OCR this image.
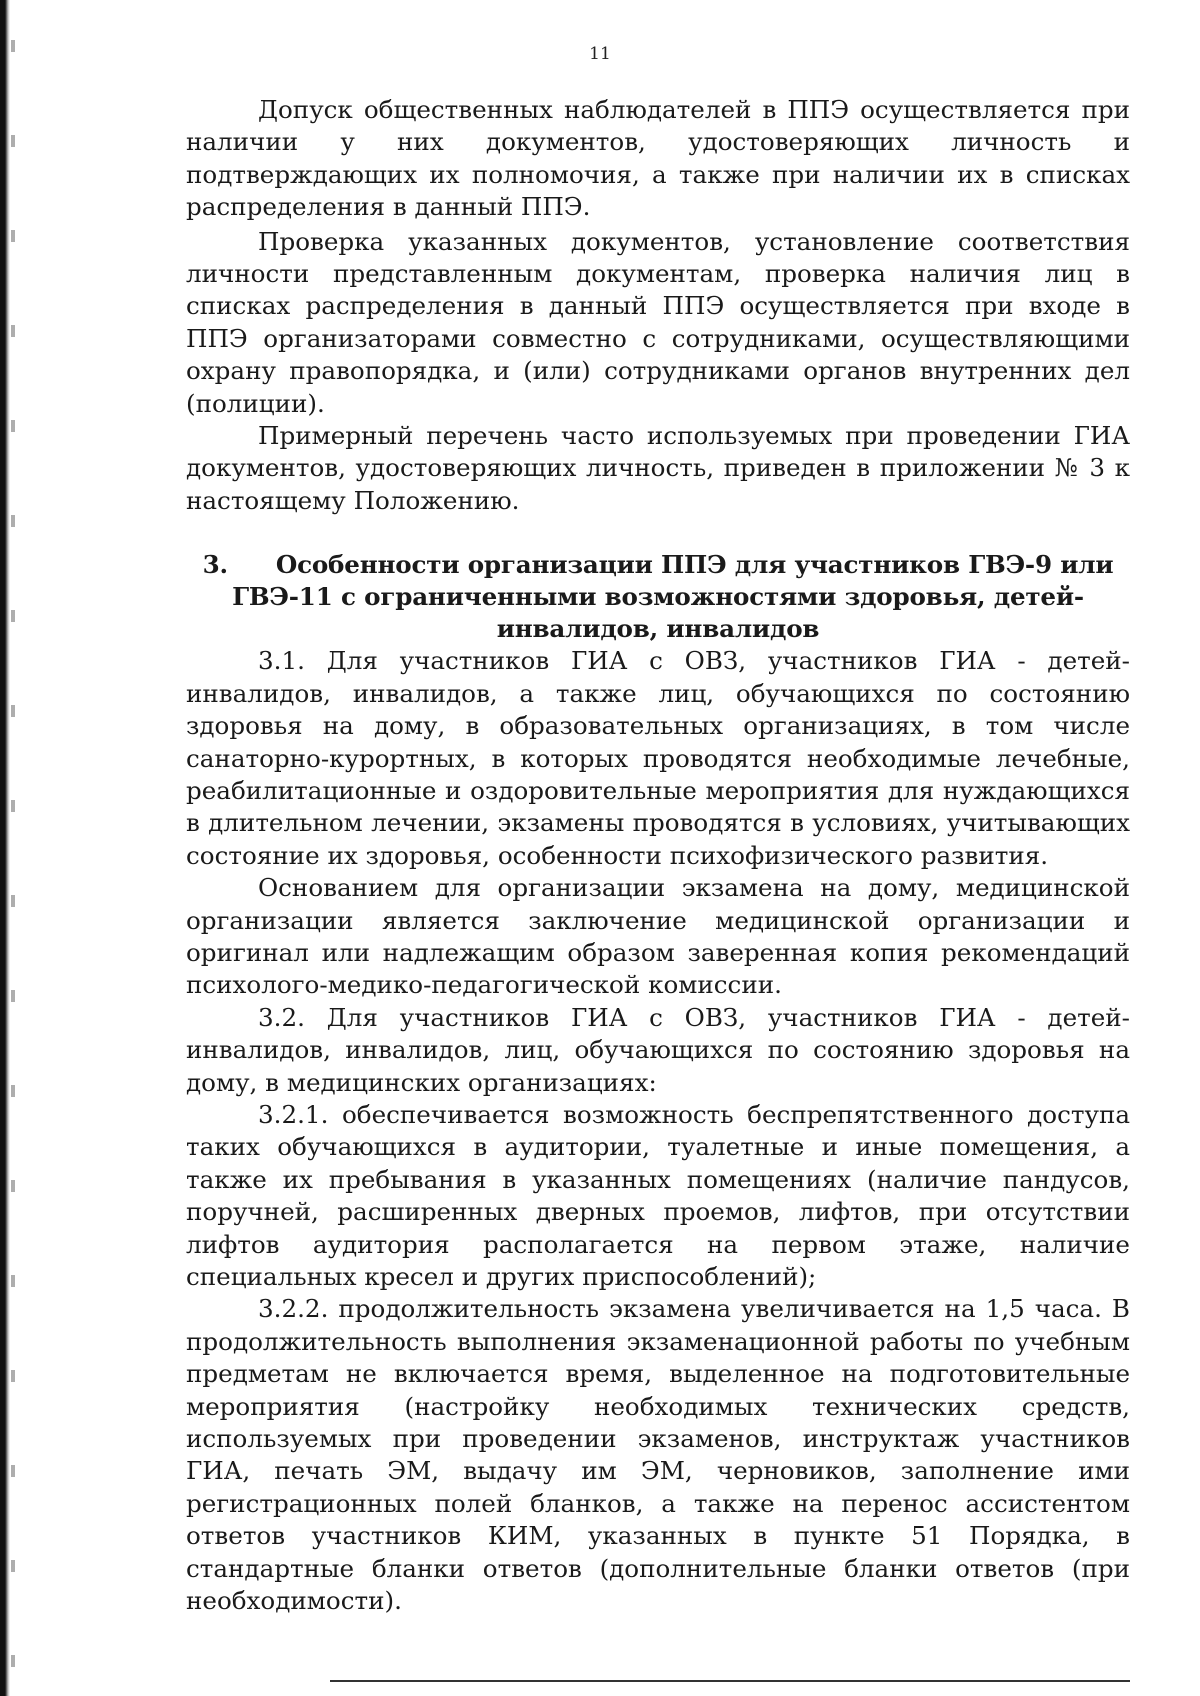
11

Допуск общественных наблюдателей в ППЭ осуществляется при наличии у них документов, удостоверяющих личность и подтверждающих их полномочия, а также при наличии их в списках распределения в данный ППЭ.

Проверка указанных документов, установление соответствия личности представленным документам, проверка наличия лиц в списках распределения в данный ППЭ осуществляется при входе в ППЭ организаторами совместно с сотрудниками, осуществляющими охрану правопорядка, и (или) сотрудниками органов внутренних дел (полиции).

Примерный перечень часто используемых при проведении ГИА документов, удостоверяющих личность, приведен в приложении № 3 к настоящему Положению.

3. Особенности организации ППЭ для участников ГВЭ-9 или ГВЭ-11 с ограниченными возможностями здоровья, детей-инвалидов, инвалидов

3.1. Для участников ГИА с ОВЗ, участников ГИА - детей-инвалидов, инвалидов, а также лиц, обучающихся по состоянию здоровья на дому, в образовательных организациях, в том числе санаторно-курортных, в которых проводятся необходимые лечебные, реабилитационные и оздоровительные мероприятия для нуждающихся в длительном лечении, экзамены проводятся в условиях, учитывающих состояние их здоровья, особенности психофизического развития.

Основанием для организации экзамена на дому, медицинской организации является заключение медицинской организации и оригинал или надлежащим образом заверенная копия рекомендаций психолого-медико-педагогической комиссии.

3.2. Для участников ГИА с ОВЗ, участников ГИА - детей-инвалидов, инвалидов, лиц, обучающихся по состоянию здоровья на дому, в медицинских организациях:

3.2.1. обеспечивается возможность беспрепятственного доступа таких обучающихся в аудитории, туалетные и иные помещения, а также их пребывания в указанных помещениях (наличие пандусов, поручней, расширенных дверных проемов, лифтов, при отсутствии лифтов аудитория располагается на первом этаже, наличие специальных кресел и других приспособлений);

3.2.2. продолжительность экзамена увеличивается на 1,5 часа. В продолжительность выполнения экзаменационной работы по учебным предметам не включается время, выделенное на подготовительные мероприятия (настройку необходимых технических средств, используемых при проведении экзаменов, инструктаж участников ГИА, печать ЭМ, выдачу им ЭМ, черновиков, заполнение ими регистрационных полей бланков, а также на перенос ассистентом ответов участников КИМ, указанных в пункте 51 Порядка, в стандартные бланки ответов (дополнительные бланки ответов (при необходимости).
